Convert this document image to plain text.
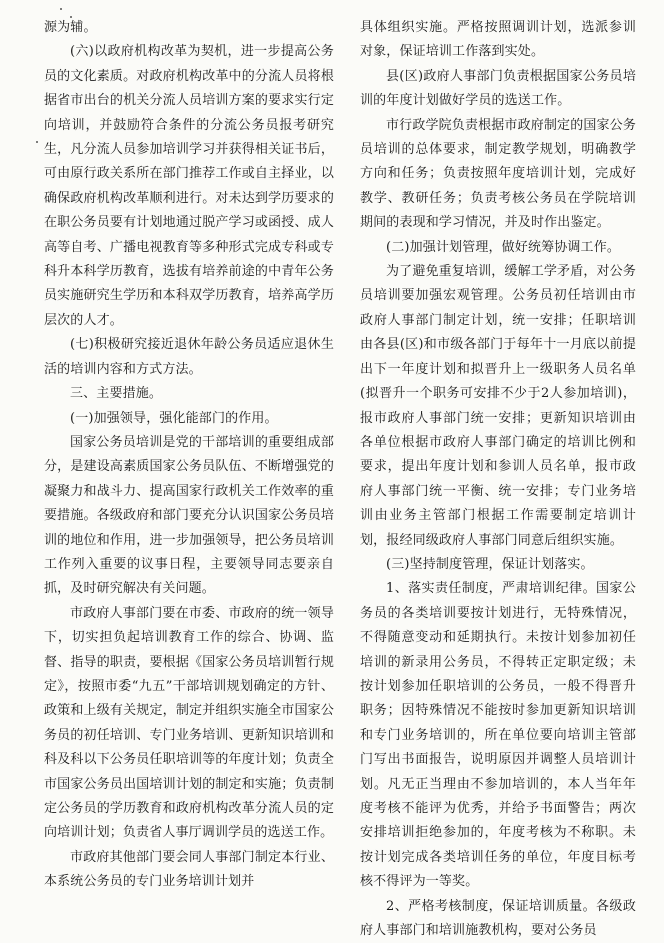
源为辅。

(六)以政府机构改革为契机，进一步提高公务员的文化素质。对政府机构改革中的分流人员将根据省市出台的机关分流人员培训方案的要求实行定向培训，并鼓励符合条件的分流公务员报考研究生，凡分流人员参加培训学习并获得相关证书后，可由原行政关系所在部门推荐工作或自主择业，以确保政府机构改革顺利进行。对未达到学历要求的在职公务员要有计划地通过脱产学习或函授、成人高等自考、广播电视教育等多种形式完成专科或专科升本科学历教育，选拔有培养前途的中青年公务员实施研究生学历和本科双学历教育，培养高学历层次的人才。

(七)积极研究接近退休年龄公务员适应退休生活的培训内容和方式方法。

三、主要措施。

(一)加强领导，强化能部门的作用。

国家公务员培训是党的干部培训的重要组成部分，是建设高素质国家公务员队伍、不断增强党的凝聚力和战斗力、提高国家行政机关工作效率的重要措施。各级政府和部门要充分认识国家公务员培训的地位和作用，进一步加强领导，把公务员培训工作列入重要的议事日程，主要领导同志要亲自抓，及时研究解决有关问题。

市政府人事部门要在市委、市政府的统一领导下，切实担负起培训教育工作的综合、协调、监督、指导的职责，要根据《国家公务员培训暂行规定》，按照市委“九五”干部培训规划确定的方针、政策和上级有关规定，制定并组织实施全市国家公务员的初任培训、专门业务培训、更新知识培训和科及科以下公务员任职培训等的年度计划；负责全市国家公务员出国培训计划的制定和实施；负责制定公务员的学历教育和政府机构改革分流人员的定向培训计划；负责省人事厅调训学员的选送工作。

市政府其他部门要会同人事部门制定本行业、本系统公务员的专门业务培训计划并

具体组织实施。严格按照调训计划，选派参训对象，保证培训工作落到实处。

县(区)政府人事部门负责根据国家公务员培训的年度计划做好学员的选送工作。

市行政学院负责根据市政府制定的国家公务员培训的总体要求，制定教学规划，明确教学方向和任务；负责按照年度培训计划，完成好教学、教研任务；负责考核公务员在学院培训期间的表现和学习情况，并及时作出鉴定。

(二)加强计划管理，做好统筹协调工作。

为了避免重复培训，缓解工学矛盾，对公务员培训要加强宏观管理。公务员初任培训由市政府人事部门制定计划，统一安排；任职培训由各县(区)和市级各部门于每年十一月底以前提出下一年度计划和拟晋升上一级职务人员名单(拟晋升一个职务可安排不少于2人参加培训)，报市政府人事部门统一安排；更新知识培训由各单位根据市政府人事部门确定的培训比例和要求，提出年度计划和参训人员名单，报市政府人事部门统一平衡、统一安排；专门业务培训由业务主管部门根据工作需要制定培训计划，报经同级政府人事部门同意后组织实施。

(三)坚持制度管理，保证计划落实。

1、落实责任制度，严肃培训纪律。国家公务员的各类培训要按计划进行，无特殊情况，不得随意变动和延期执行。未按计划参加初任培训的新录用公务员，不得转正定职定级；未按计划参加任职培训的公务员，一般不得晋升职务；因特殊情况不能按时参加更新知识培训和专门业务培训的，所在单位要向培训主管部门写出书面报告，说明原因并调整人员培训计划。凡无正当理由不参加培训的，本人当年年度考核不能评为优秀，并给予书面警告；两次安排培训拒绝参加的，年度考核为不称职。未按计划完成各类培训任务的单位，年度目标考核不得评为一等奖。

2、严格考核制度，保证培训质量。各级政府人事部门和培训施教机构，要对公务员
